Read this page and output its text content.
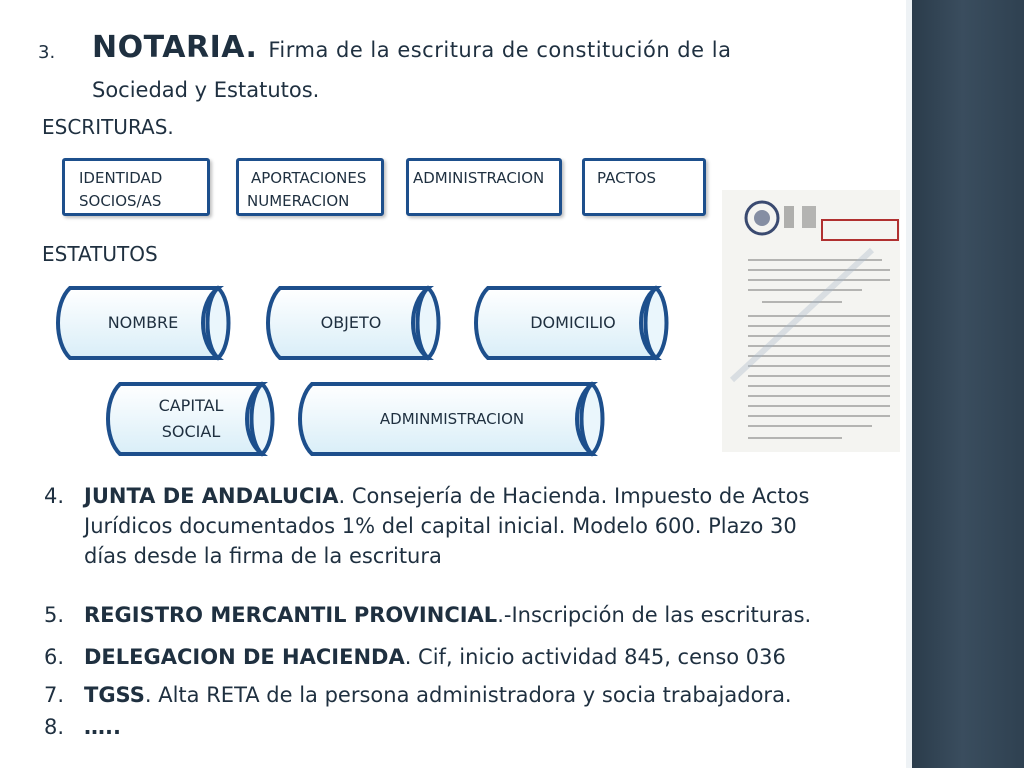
3. NOTARIA. Firma de la escritura de constitución de la
Sociedad y Estatutos.
ESCRITURAS.
IDENTIDAD
SOCIOS/AS
APORTACIONES
NUMERACION
ADMINISTRACION	PACTOS
ESTATUTOS
NOMBRE	OBJETO	DOMICILIO
CAPITAL
SOCIAL
ADMINMISTRACION
4. JUNTA DE ANDALUCIA. Consejería de Hacienda. Impuesto de Actos
Jurídicos documentados 1% del capital inicial. Modelo 600. Plazo 30
días desde la firma de la escritura
5. REGISTRO MERCANTIL PROVINCIAL.-Inscripción de las escrituras.
6. DELEGACION DE HACIENDA. Cif, inicio actividad 845, censo 036
7. TGSS. Alta RETA de la persona administradora y socia trabajadora.
8. …..
